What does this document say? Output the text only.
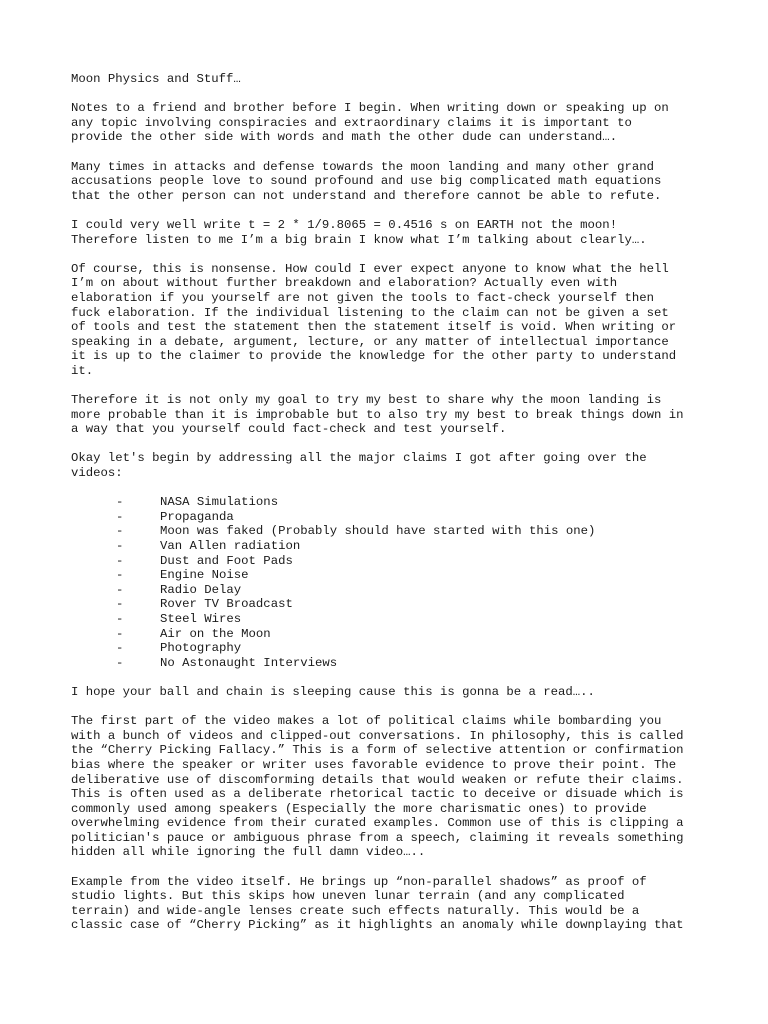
Moon Physics and Stuff…
Notes to a friend and brother before I begin. When writing down or speaking up on
any topic involving conspiracies and extraordinary claims it is important to
provide the other side with words and math the other dude can understand….
Many times in attacks and defense towards the moon landing and many other grand
accusations people love to sound profound and use big complicated math equations
that the other person can not understand and therefore cannot be able to refute.
I could very well write t = 2 * 1/9.8065 = 0.4516 s on EARTH not the moon!
Therefore listen to me I’m a big brain I know what I’m talking about clearly….
Of course, this is nonsense. How could I ever expect anyone to know what the hell
I’m on about without further breakdown and elaboration? Actually even with
elaboration if you yourself are not given the tools to fact-check yourself then
fuck elaboration. If the individual listening to the claim can not be given a set
of tools and test the statement then the statement itself is void. When writing or
speaking in a debate, argument, lecture, or any matter of intellectual importance
it is up to the claimer to provide the knowledge for the other party to understand
it.
Therefore it is not only my goal to try my best to share why the moon landing is
more probable than it is improbable but to also try my best to break things down in
a way that you yourself could fact-check and test yourself.
Okay let's begin by addressing all the major claims I got after going over the
videos:
-	NASA Simulations
-	Propaganda
-	Moon was faked (Probably should have started with this one)
-	Van Allen radiation
-	Dust and Foot Pads
-	Engine Noise
-	Radio Delay
-	Rover TV Broadcast
-	Steel Wires
-	Air on the Moon
-	Photography
-	No Astonaught Interviews
I hope your ball and chain is sleeping cause this is gonna be a read…..
The first part of the video makes a lot of political claims while bombarding you
with a bunch of videos and clipped-out conversations. In philosophy, this is called
the “Cherry Picking Fallacy.” This is a form of selective attention or confirmation
bias where the speaker or writer uses favorable evidence to prove their point. The
deliberative use of discomforming details that would weaken or refute their claims.
This is often used as a deliberate rhetorical tactic to deceive or disuade which is
commonly used among speakers (Especially the more charismatic ones) to provide
overwhelming evidence from their curated examples. Common use of this is clipping a
politician's pauce or ambiguous phrase from a speech, claiming it reveals something
hidden all while ignoring the full damn video…..
Example from the video itself. He brings up “non-parallel shadows” as proof of
studio lights. But this skips how uneven lunar terrain (and any complicated
terrain) and wide-angle lenses create such effects naturally. This would be a
classic case of “Cherry Picking” as it highlights an anomaly while downplaying that
